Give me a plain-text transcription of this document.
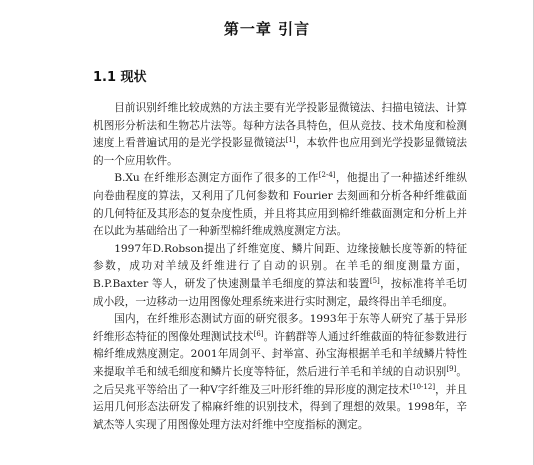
第一章 引言
1.1 现状

目前识别纤维比较成熟的方法主要有光学投影显微镜法、扫描电镜法、计算机图形分析法和生物芯片法等。每种方法各具特色，但从竞技、技术角度和检测速度上看普遍试用的是光学投影显微镜法[1]，本软件也应用到光学投影显微镜法的一个应用软件。

B.Xu 在纤维形态测定方面作了很多的工作[2-4]，他提出了一种描述纤维纵向卷曲程度的算法，又利用了几何参数和 Fourier 去刻画和分析各种纤维截面的几何特征及其形态的复杂度性质，并且将其应用到棉纤维截面测定和分析上并在以此为基础给出了一种新型棉纤维成熟度测定方法。

1997年D.Robson提出了纤维宽度、鳞片间距、边缘接触长度等新的特征参数，成功对羊绒及纤维进行了自动的识别。在羊毛的细度测量方面，B.P.Baxter 等人，研发了快速测量羊毛细度的算法和装置[5]，按标准将羊毛切成小段，一边移动一边用图像处理系统来进行实时测定，最终得出羊毛细度。

国内，在纤维形态测试方面的研究很多。1993年于东等人研究了基于异形纤维形态特征的图像处理测试技术[6]。许鹤群等人通过纤维截面的特征参数进行棉纤维成熟度测定。2001年周剑平、封举富、孙宝海根据羊毛和羊绒鳞片特性来提取羊毛和绒毛细度和鳞片长度等特征，然后进行羊毛和羊绒的自动识别[9]。之后吴兆平等给出了一种V字纤维及三叶形纤维的异形度的测定技术[10-12]，并且运用几何形态法研发了棉麻纤维的识别技术，得到了理想的效果。1998年，辛斌杰等人实现了用图像处理方法对纤维中空度指标的测定。
